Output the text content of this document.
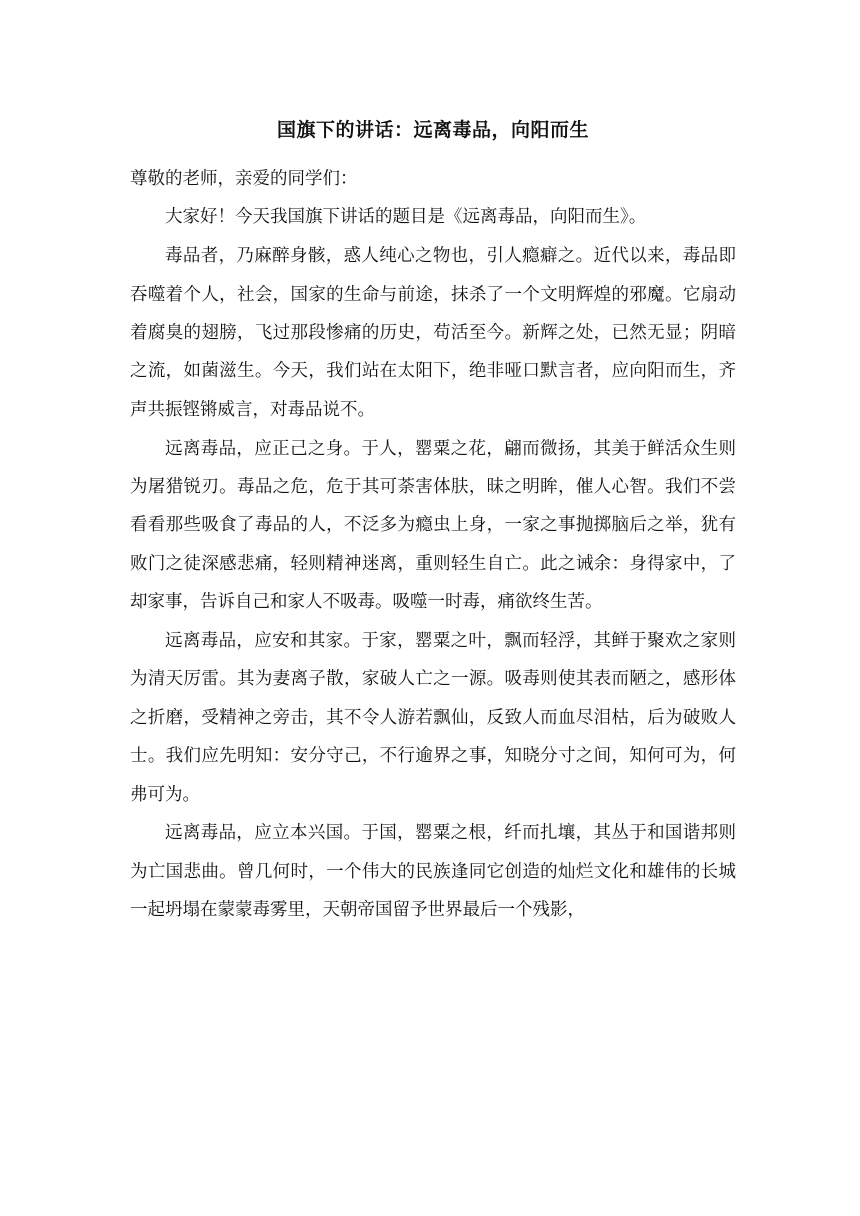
国旗下的讲话：远离毒品，向阳而生

尊敬的老师，亲爱的同学们：

大家好！今天我国旗下讲话的题目是《远离毒品，向阳而生》。

毒品者，乃麻醉身骸，惑人纯心之物也，引人瘾癖之。近代以来，毒品即吞噬着个人，社会，国家的生命与前途，抹杀了一个文明辉煌的邪魔。它扇动着腐臭的翅膀，飞过那段惨痛的历史，苟活至今。新辉之处，已然无显；阴暗之流，如菌滋生。今天，我们站在太阳下，绝非哑口默言者，应向阳而生，齐声共振铿锵威言，对毒品说不。

远离毒品，应正己之身。于人，罂粟之花，翩而微扬，其美于鲜活众生则为屠猎锐刃。毒品之危，危于其可荼害体肤，昧之明眸，催人心智。我们不尝看看那些吸食了毒品的人，不泛多为瘾虫上身，一家之事抛掷脑后之举，犹有败门之徒深感悲痛，轻则精神迷离，重则轻生自亡。此之诫余：身得家中，了却家事，告诉自己和家人不吸毒。吸噬一时毒，痛欲终生苦。

远离毒品，应安和其家。于家，罂粟之叶，飘而轻浮，其鲜于聚欢之家则为清天厉雷。其为妻离子散，家破人亡之一源。吸毒则使其表而陋之，感形体之折磨，受精神之旁击，其不令人游若飘仙，反致人而血尽泪枯，后为破败人士。我们应先明知：安分守己，不行逾界之事，知晓分寸之间，知何可为，何弗可为。

远离毒品，应立本兴国。于国，罂粟之根，纤而扎壤，其丛于和国谐邦则为亡国悲曲。曾几何时，一个伟大的民族逢同它创造的灿烂文化和雄伟的长城一起坍塌在蒙蒙毒雾里，天朝帝国留予世界最后一个残影，
